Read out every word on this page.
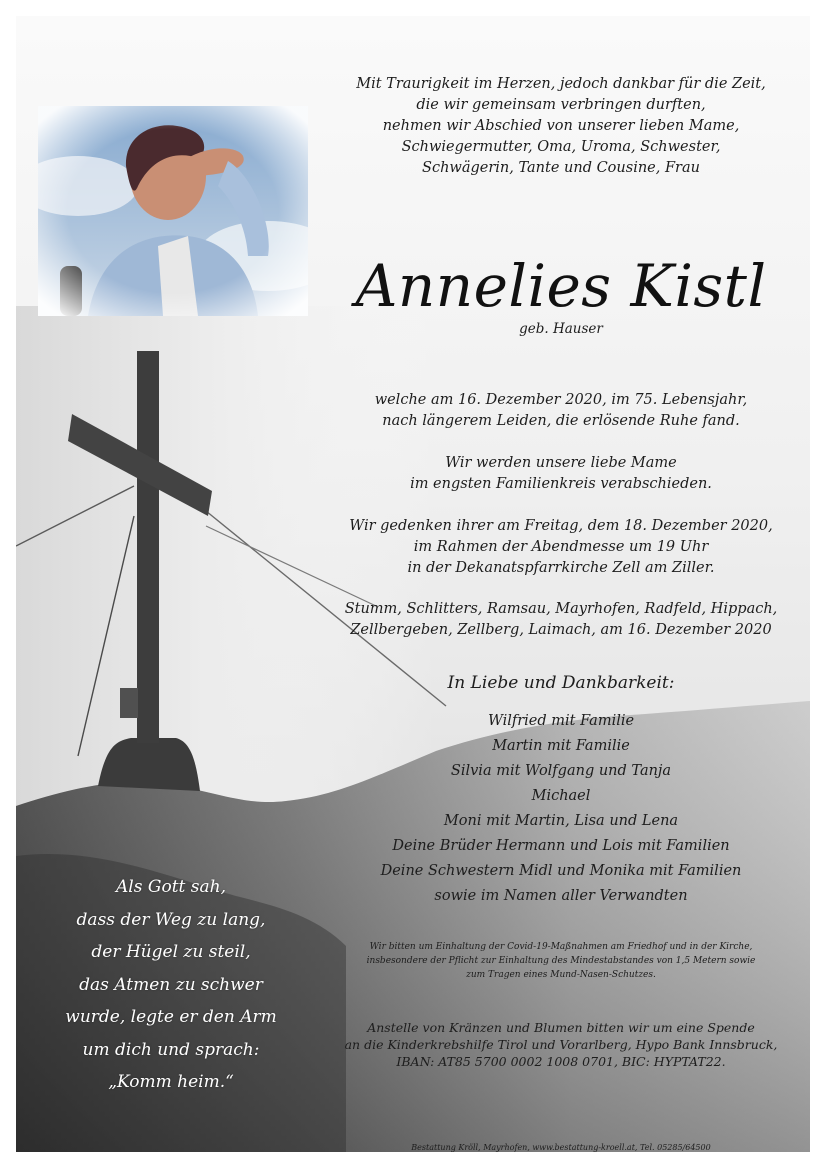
Mit Traurigkeit im Herzen, jedoch dankbar für die Zeit,
die wir gemeinsam verbringen durften,
nehmen wir Abschied von unserer lieben Mame,
Schwiegermutter, Oma, Uroma, Schwester,
Schwägerin, Tante und Cousine, Frau
Annelies Kistl
geb. Hauser
welche am 16. Dezember 2020, im 75. Lebensjahr,
nach längerem Leiden, die erlösende Ruhe fand.
Wir werden unsere liebe Mame
im engsten Familienkreis verabschieden.
Wir gedenken ihrer am Freitag, dem 18. Dezember 2020,
im Rahmen der Abendmesse um 19 Uhr
in der Dekanatspfarrkirche Zell am Ziller.
Stumm, Schlitters, Ramsau, Mayrhofen, Radfeld, Hippach,
Zellbergeben, Zellberg, Laimach, am 16. Dezember 2020
In Liebe und Dankbarkeit:
Wilfried mit Familie
Martin mit Familie
Silvia mit Wolfgang und Tanja
Michael
Moni mit Martin, Lisa und Lena
Deine Brüder Hermann und Lois mit Familien
Deine Schwestern Midl und Monika mit Familien
sowie im Namen aller Verwandten
Wir bitten um Einhaltung der Covid-19-Maßnahmen am Friedhof und in der Kirche,
insbesondere der Pflicht zur Einhaltung des Mindestabstandes von 1,5 Metern sowie
zum Tragen eines Mund-Nasen-Schutzes.
Anstelle von Kränzen und Blumen bitten wir um eine Spende
an die Kinderkrebshilfe Tirol und Vorarlberg, Hypo Bank Innsbruck,
IBAN: AT85 5700 0002 1008 0701, BIC: HYPTAT22.
Als Gott sah,
dass der Weg zu lang,
der Hügel zu steil,
das Atmen zu schwer
wurde, legte er den Arm
um dich und sprach:
„Komm heim.“
Bestattung Kröll, Mayrhofen, www.bestattung-kroell.at, Tel. 05285/64500
